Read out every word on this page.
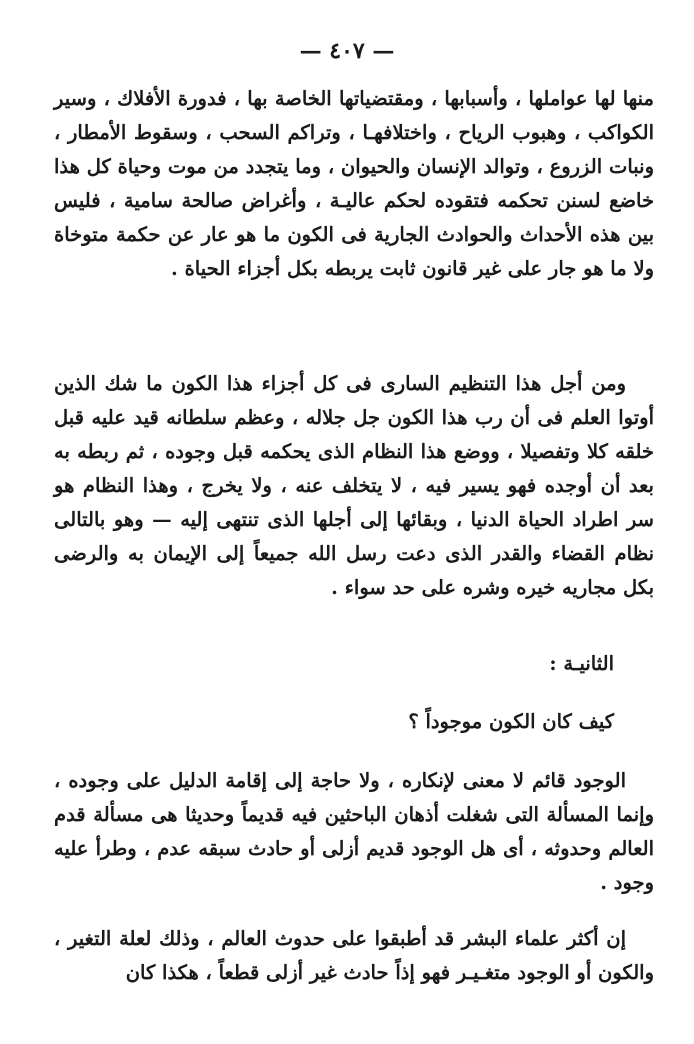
— ٤٠٧ —
منها لها عواملها ، وأسبابها ، ومقتضياتها الخاصة بها ، فدورة الأفلاك ، وسير الكواكب ، وهبوب الرياح ، واختلافهـا ، وتراكم السحب ، وسقوط الأمطار ، ونبات الزروع ، وتوالد الإنسان والحيوان ، وما يتجدد من موت وحياة كل هذا خاضع لسنن تحكمه فتقوده لحكم عاليـة ، وأغراض صالحة سامية ، فليس بين هذه الأحداث والحوادث الجارية فى الكون ما هو عار عن حكمة متوخاة ولا ما هو جار على غير قانون ثابت يربطه بكل أجزاء الحياة .
ومن أجل هذا التنظيم السارى فى كل أجزاء هذا الكون ما شك الذين أوتوا العلم فى أن رب هذا الكون جل جلاله ، وعظم سلطانه قيد عليه قبل خلقه كلا وتفصيلا ، ووضع هذا النظام الذى يحكمه قبل وجوده ، ثم ربطه به بعد أن أوجده فهو يسير فيه ، لا يتخلف عنه ، ولا يخرج ، وهذا النظام هو سر اطراد الحياة الدنيا ، وبقائها إلى أجلها الذى تنتهى إليه — وهو بالتالى نظام القضاء والقدر الذى دعت رسل الله جميعاً إلى الإيمان به والرضى بكل مجاريه خيره وشره على حد سواء .
الثانيـة :
كيف كان الكون موجوداً ؟
الوجود قائم لا معنى لإنكاره ، ولا حاجة إلى إقامة الدليل على وجوده ، وإنما المسألة التى شغلت أذهان الباحثين فيه قديماً وحديثا هى مسألة قدم العالم وحدوثه ، أى هل الوجود قديم أزلى أو حادث سبقه عدم ، وطرأ عليه وجود .
إن أكثر علماء البشر قد أطبقوا على حدوث العالم ، وذلك لعلة التغير ، والكون أو الوجود متغـيـر فهو إذاً حادث غير أزلى قطعاً ، هكذا كان
